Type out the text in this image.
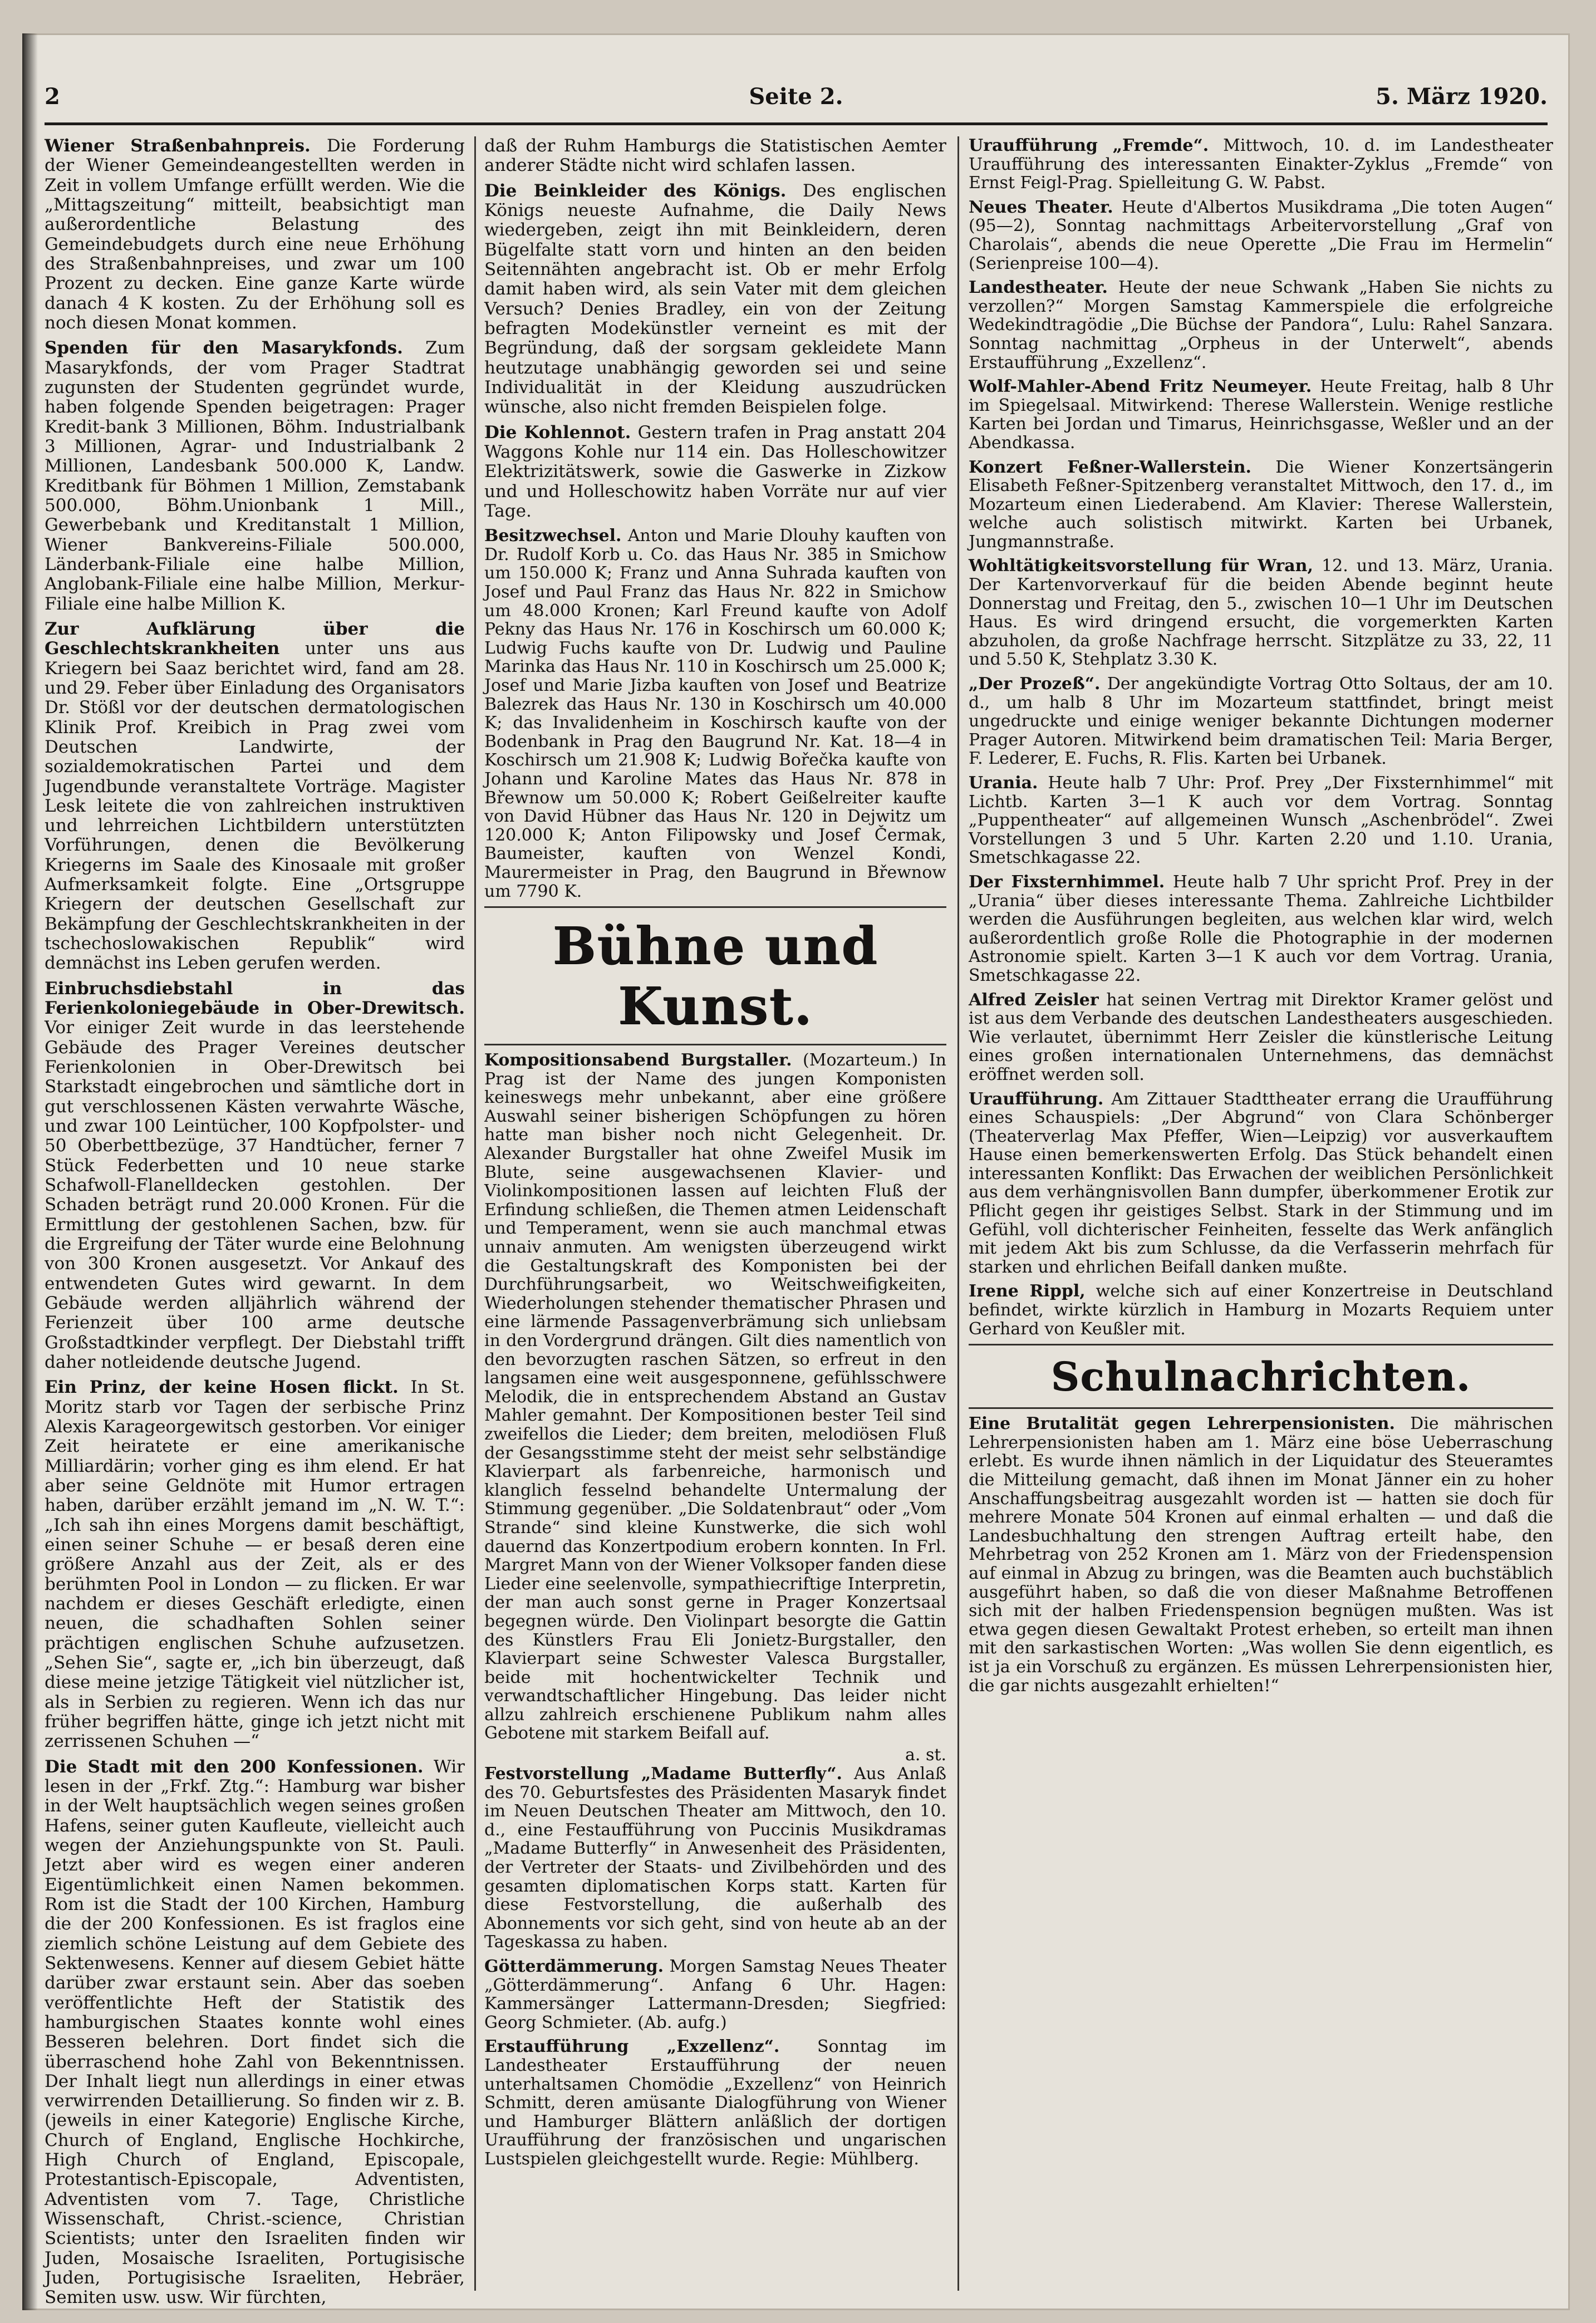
2	Seite 2.	5. März 1920.

Wiener Straßenbahnpreis. Die Forderung der Wiener Gemeindeangestellten werden in Zeit in vollem Umfange erfüllt werden. Wie die „Mittagszeitung“ mitteilt, beabsichtigt man außerordentliche Belastung des Gemeindebudgets durch eine neue Erhöhung des Straßenbahnpreises, und zwar um 100 Prozent zu decken. Eine ganze Karte würde danach 4 K kosten. Zu der Erhöhung soll es noch diesen Monat kommen.

Spenden für den Masarykfonds. Zum Masarykfonds, der vom Prager Stadtrat zugunsten der Studenten gegründet wurde, haben folgende Spenden beigetragen: Prager Kredit-bank 3 Millionen, Böhm. Industrialbank 3 Millionen, Agrar- und Industrialbank 2 Millionen, Landesbank 500.000 K, Landw. Kreditbank für Böhmen 1 Million, Zemstabank 500.000, Böhm.Unionbank 1 Mill., Gewerbebank und Kreditanstalt 1 Million, Wiener Bankvereins-Filiale 500.000, Länderbank-Filiale eine halbe Million, Anglobank-Filiale eine halbe Million, Merkur-Filiale eine halbe Million K.

Zur Aufklärung über die Geschlechtskrankheiten unter uns aus Kriegern bei Saaz berichtet wird, fand am 28. und 29. Feber über Einladung des Organisators Dr. Stößl vor der deutschen dermatologischen Klinik Prof. Kreibich in Prag zwei vom Deutschen Landwirte, der sozialdemokratischen Partei und dem Jugendbunde veranstaltete Vorträge. Magister Lesk leitete die von zahlreichen instruktiven und lehrreichen Lichtbildern unterstützten Vorführungen, denen die Bevölkerung Kriegerns im Saale des Kinosaale mit großer Aufmerksamkeit folgte. Eine „Ortsgruppe Kriegern der deutschen Gesellschaft zur Bekämpfung der Geschlechtskrankheiten in der tschechoslowakischen Republik“ wird demnächst ins Leben gerufen werden.

Einbruchsdiebstahl in das Ferienkoloniegebäude in Ober-Drewitsch. Vor einiger Zeit wurde in das leerstehende Gebäude des Prager Vereines deutscher Ferienkolonien in Ober-Drewitsch bei Starkstadt eingebrochen und sämtliche dort in gut verschlossenen Kästen verwahrte Wäsche, und zwar 100 Leintücher, 100 Kopfpolster- und 50 Oberbettbezüge, 37 Handtücher, ferner 7 Stück Federbetten und 10 neue starke Schafwoll-Flanelldecken gestohlen. Der Schaden beträgt rund 20.000 Kronen. Für die Ermittlung der gestohlenen Sachen, bzw. für die Ergreifung der Täter wurde eine Belohnung von 300 Kronen ausgesetzt. Vor Ankauf des entwendeten Gutes wird gewarnt. In dem Gebäude werden alljährlich während der Ferienzeit über 100 arme deutsche Großstadtkinder verpflegt. Der Diebstahl trifft daher notleidende deutsche Jugend.

Ein Prinz, der keine Hosen flickt. In St. Moritz starb vor Tagen der serbische Prinz Alexis Karageorgewitsch gestorben. Vor einiger Zeit heiratete er eine amerikanische Milliardärin; vorher ging es ihm elend. Er hat aber seine Geldnöte mit Humor ertragen haben, darüber erzählt jemand im „N. W. T.“: „Ich sah ihn eines Morgens damit beschäftigt, einen seiner Schuhe — er besaß deren eine größere Anzahl aus der Zeit, als er des berühmten Pool in London — zu flicken. Er war nachdem er dieses Geschäft erledigte, einen neuen, die schadhaften Sohlen seiner prächtigen englischen Schuhe aufzusetzen. „Sehen Sie“, sagte er, „ich bin überzeugt, daß diese meine jetzige Tätigkeit viel nützlicher ist, als in Serbien zu regieren. Wenn ich das nur früher begriffen hätte, ginge ich jetzt nicht mit zerrissenen Schuhen —“

Die Stadt mit den 200 Konfessionen. Wir lesen in der „Frkf. Ztg.“: Hamburg war bisher in der Welt hauptsächlich wegen seines großen Hafens, seiner guten Kaufleute, vielleicht auch wegen der Anziehungspunkte von St. Pauli. Jetzt aber wird es wegen einer anderen Eigentümlichkeit einen Namen bekommen. Rom ist die Stadt der 100 Kirchen, Hamburg die der 200 Konfessionen. Es ist fraglos eine ziemlich schöne Leistung auf dem Gebiete des Sektenwesens. Kenner auf diesem Gebiet hätte darüber zwar erstaunt sein. Aber das soeben veröffentlichte Heft der Statistik des hamburgischen Staates konnte wohl eines Besseren belehren. Dort findet sich die überraschend hohe Zahl von Bekenntnissen. Der Inhalt liegt nun allerdings in einer etwas verwirrenden Detaillierung. So finden wir z. B. (jeweils in einer Kategorie) Englische Kirche, Church of England, Englische Hochkirche, High Church of England, Episcopale, Protestantisch-Episcopale, Adventisten, Adventisten vom 7. Tage, Christliche Wissenschaft, Christ.-science, Christian Scientists; unter den Israeliten finden wir Juden, Mosaische Israeliten, Portugisische Juden, Portugisische Israeliten, Hebräer, Semiten usw. usw. Wir fürchten,

daß der Ruhm Hamburgs die Statistischen Aemter anderer Städte nicht wird schlafen lassen.

Die Beinkleider des Königs. Des englischen Königs neueste Aufnahme, die Daily News wiedergeben, zeigt ihn mit Beinkleidern, deren Bügelfalte statt vorn und hinten an den beiden Seitennähten angebracht ist. Ob er mehr Erfolg damit haben wird, als sein Vater mit dem gleichen Versuch? Denies Bradley, ein von der Zeitung befragten Modekünstler verneint es mit der Begründung, daß der sorgsam gekleidete Mann heutzutage unabhängig geworden sei und seine Individualität in der Kleidung auszudrücken wünsche, also nicht fremden Beispielen folge.

Die Kohlennot. Gestern trafen in Prag anstatt 204 Waggons Kohle nur 114 ein. Das Holleschowitzer Elektrizitätswerk, sowie die Gaswerke in Zizkow und und Holleschowitz haben Vorräte nur auf vier Tage.

Besitzwechsel. Anton und Marie Dlouhy kauften von Dr. Rudolf Korb u. Co. das Haus Nr. 385 in Smichow um 150.000 K; Franz und Anna Suhrada kauften von Josef und Paul Franz das Haus Nr. 822 in Smichow um 48.000 Kronen; Karl Freund kaufte von Adolf Pekny das Haus Nr. 176 in Koschirsch um 60.000 K; Ludwig Fuchs kaufte von Dr. Ludwig und Pauline Marinka das Haus Nr. 110 in Koschirsch um 25.000 K; Josef und Marie Jizba kauften von Josef und Beatrize Balezrek das Haus Nr. 130 in Koschirsch um 40.000 K; das Invalidenheim in Koschirsch kaufte von der Bodenbank in Prag den Baugrund Nr. Kat. 18—4 in Koschirsch um 21.908 K; Ludwig Bořečka kaufte von Johann und Karoline Mates das Haus Nr. 878 in Břewnow um 50.000 K; Robert Geißelreiter kaufte von David Hübner das Haus Nr. 120 in Dejwitz um 120.000 K; Anton Filipowsky und Josef Čermak, Baumeister, kauften von Wenzel Kondi, Maurermeister in Prag, den Baugrund in Břewnow um 7790 K.

Bühne und Kunst.

Kompositionsabend Burgstaller. (Mozarteum.) In Prag ist der Name des jungen Komponisten keineswegs mehr unbekannt, aber eine größere Auswahl seiner bisherigen Schöpfungen zu hören hatte man bisher noch nicht Gelegenheit. Dr. Alexander Burgstaller hat ohne Zweifel Musik im Blute, seine ausgewachsenen Klavier- und Violinkompositionen lassen auf leichten Fluß der Erfindung schließen, die Themen atmen Leidenschaft und Temperament, wenn sie auch manchmal etwas unnaiv anmuten. Am wenigsten überzeugend wirkt die Gestaltungskraft des Komponisten bei der Durchführungsarbeit, wo Weitschweifigkeiten, Wiederholungen stehender thematischer Phrasen und eine lärmende Passagenverbrämung sich unliebsam in den Vordergrund drängen. Gilt dies namentlich von den bevorzugten raschen Sätzen, so erfreut in den langsamen eine weit ausgesponnene, gefühlsschwere Melodik, die in entsprechendem Abstand an Gustav Mahler gemahnt. Der Kompositionen bester Teil sind zweifellos die Lieder; dem breiten, melodiösen Fluß der Gesangsstimme steht der meist sehr selbständige Klavierpart als farbenreiche, harmonisch und klanglich fesselnd behandelte Untermalung der Stimmung gegenüber. „Die Soldatenbraut“ oder „Vom Strande“ sind kleine Kunstwerke, die sich wohl dauernd das Konzertpodium erobern konnten. In Frl. Margret Mann von der Wiener Volksoper fanden diese Lieder eine seelenvolle, sympathiecriftige Interpretin, der man auch sonst gerne in Prager Konzertsaal begegnen würde. Den Violinpart besorgte die Gattin des Künstlers Frau Eli Jonietz-Burgstaller, den Klavierpart seine Schwester Valesca Burgstaller, beide mit hochentwickelter Technik und verwandtschaftlicher Hingebung. Das leider nicht allzu zahlreich erschienene Publikum nahm alles Gebotene mit starkem Beifall auf.

a. st.

Festvorstellung „Madame Butterfly“. Aus Anlaß des 70. Geburtsfestes des Präsidenten Masaryk findet im Neuen Deutschen Theater am Mittwoch, den 10. d., eine Festaufführung von Puccinis Musikdramas „Madame Butterfly“ in Anwesenheit des Präsidenten, der Vertreter der Staats- und Zivilbehörden und des gesamten diplomatischen Korps statt. Karten für diese Festvorstellung, die außerhalb des Abonnements vor sich geht, sind von heute ab an der Tageskassa zu haben.

Götterdämmerung. Morgen Samstag Neues Theater „Götterdämmerung“. Anfang 6 Uhr. Hagen: Kammersänger Lattermann-Dresden; Siegfried: Georg Schmieter. (Ab. aufg.)

Erstaufführung „Exzellenz“. Sonntag im Landestheater Erstaufführung der neuen unterhaltsamen Chomödie „Exzellenz“ von Heinrich Schmitt, deren amüsante Dialogführung von Wiener und Hamburger Blättern anläßlich der dortigen Uraufführung der französischen und ungarischen Lustspielen gleichgestellt wurde. Regie: Mühlberg.

Uraufführung „Fremde“. Mittwoch, 10. d. im Landestheater Uraufführung des interessanten Einakter-Zyklus „Fremde“ von Ernst Feigl-Prag. Spielleitung G. W. Pabst.

Neues Theater. Heute d'Albertos Musikdrama „Die toten Augen“ (95—2), Sonntag nachmittags Arbeitervorstellung „Graf von Charolais“, abends die neue Operette „Die Frau im Hermelin“ (Serienpreise 100—4).

Landestheater. Heute der neue Schwank „Haben Sie nichts zu verzollen?“ Morgen Samstag Kammerspiele die erfolgreiche Wedekindtragödie „Die Büchse der Pandora“, Lulu: Rahel Sanzara. Sonntag nachmittag „Orpheus in der Unterwelt“, abends Erstaufführung „Exzellenz“.

Wolf-Mahler-Abend Fritz Neumeyer. Heute Freitag, halb 8 Uhr im Spiegelsaal. Mitwirkend: Therese Wallerstein. Wenige restliche Karten bei Jordan und Timarus, Heinrichsgasse, Weßler und an der Abendkassa.

Konzert Feßner-Wallerstein. Die Wiener Konzertsängerin Elisabeth Feßner-Spitzenberg veranstaltet Mittwoch, den 17. d., im Mozarteum einen Liederabend. Am Klavier: Therese Wallerstein, welche auch solistisch mitwirkt. Karten bei Urbanek, Jungmannstraße.

Wohltätigkeitsvorstellung für Wran, 12. und 13. März, Urania. Der Kartenvorverkauf für die beiden Abende beginnt heute Donnerstag und Freitag, den 5., zwischen 10—1 Uhr im Deutschen Haus. Es wird dringend ersucht, die vorgemerkten Karten abzuholen, da große Nachfrage herrscht. Sitzplätze zu 33, 22, 11 und 5.50 K, Stehplatz 3.30 K.

„Der Prozeß“. Der angekündigte Vortrag Otto Soltaus, der am 10. d., um halb 8 Uhr im Mozarteum stattfindet, bringt meist ungedruckte und einige weniger bekannte Dichtungen moderner Prager Autoren. Mitwirkend beim dramatischen Teil: Maria Berger, F. Lederer, E. Fuchs, R. Flis. Karten bei Urbanek.

Urania. Heute halb 7 Uhr: Prof. Prey „Der Fixsternhimmel“ mit Lichtb. Karten 3—1 K auch vor dem Vortrag. Sonntag „Puppentheater“ auf allgemeinen Wunsch „Aschenbrödel“. Zwei Vorstellungen 3 und 5 Uhr. Karten 2.20 und 1.10. Urania, Smetschkagasse 22.

Der Fixsternhimmel. Heute halb 7 Uhr spricht Prof. Prey in der „Urania“ über dieses interessante Thema. Zahlreiche Lichtbilder werden die Ausführungen begleiten, aus welchen klar wird, welch außerordentlich große Rolle die Photographie in der modernen Astronomie spielt. Karten 3—1 K auch vor dem Vortrag. Urania, Smetschkagasse 22.

Alfred Zeisler hat seinen Vertrag mit Direktor Kramer gelöst und ist aus dem Verbande des deutschen Landestheaters ausgeschieden. Wie verlautet, übernimmt Herr Zeisler die künstlerische Leitung eines großen internationalen Unternehmens, das demnächst eröffnet werden soll.

Uraufführung. Am Zittauer Stadttheater errang die Uraufführung eines Schauspiels: „Der Abgrund“ von Clara Schönberger (Theaterverlag Max Pfeffer, Wien—Leipzig) vor ausverkauftem Hause einen bemerkenswerten Erfolg. Das Stück behandelt einen interessanten Konflikt: Das Erwachen der weiblichen Persönlichkeit aus dem verhängnisvollen Bann dumpfer, überkommener Erotik zur Pflicht gegen ihr geistiges Selbst. Stark in der Stimmung und im Gefühl, voll dichterischer Feinheiten, fesselte das Werk anfänglich mit jedem Akt bis zum Schlusse, da die Verfasserin mehrfach für starken und ehrlichen Beifall danken mußte.

Irene Rippl, welche sich auf einer Konzertreise in Deutschland befindet, wirkte kürzlich in Hamburg in Mozarts Requiem unter Gerhard von Keußler mit.

Schulnachrichten.

Eine Brutalität gegen Lehrerpensionisten. Die mährischen Lehrerpensionisten haben am 1. März eine böse Ueberraschung erlebt. Es wurde ihnen nämlich in der Liquidatur des Steueramtes die Mitteilung gemacht, daß ihnen im Monat Jänner ein zu hoher Anschaffungsbeitrag ausgezahlt worden ist — hatten sie doch für mehrere Monate 504 Kronen auf einmal erhalten — und daß die Landesbuchhaltung den strengen Auftrag erteilt habe, den Mehrbetrag von 252 Kronen am 1. März von der Friedenspension auf einmal in Abzug zu bringen, was die Beamten auch buchstäblich ausgeführt haben, so daß die von dieser Maßnahme Betroffenen sich mit der halben Friedenspension begnügen mußten. Was ist etwa gegen diesen Gewaltakt Protest erheben, so erteilt man ihnen mit den sarkastischen Worten: „Was wollen Sie denn eigentlich, es ist ja ein Vorschuß zu ergänzen. Es müssen Lehrerpensionisten hier, die gar nichts ausgezahlt erhielten!“
